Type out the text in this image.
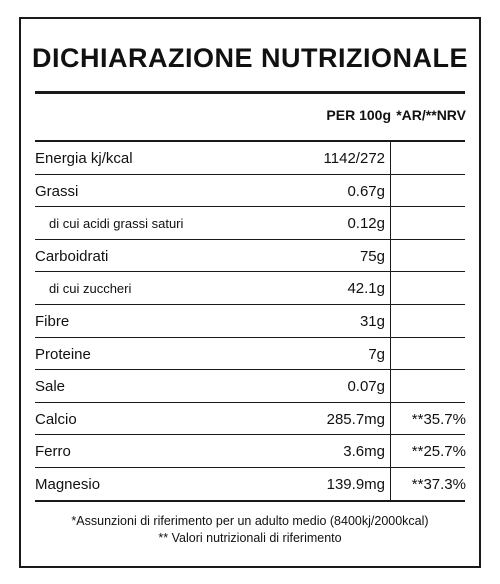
DICHIARAZIONE NUTRIZIONALE
PER 100g *AR/**NRV
Energia kj/kcal	1142/272
Grassi	0.67g
di cui acidi grassi saturi	0.12g
Carboidrati	75g
di cui zuccheri	42.1g
Fibre	31g
Proteine	7g
Sale	0.07g
Calcio	285.7mg	**35.7%
Ferro	3.6mg	**25.7%
Magnesio	139.9mg	**37.3%
*Assunzioni di riferimento per un adulto medio (8400kj/2000kcal)
** Valori nutrizionali di riferimento
